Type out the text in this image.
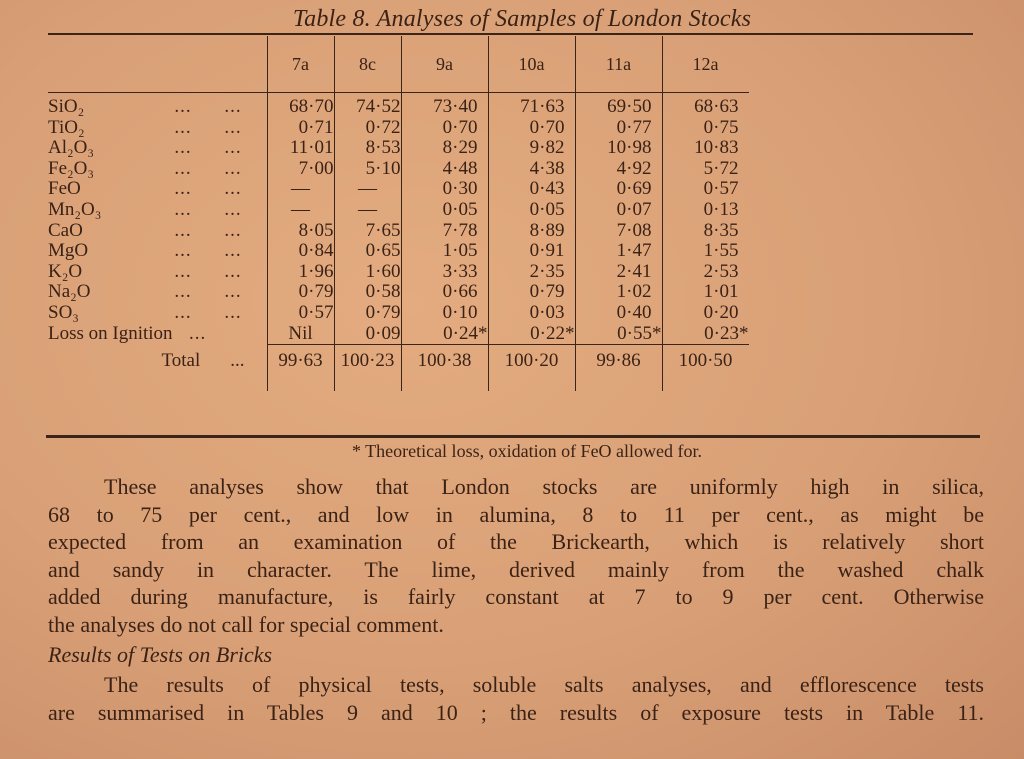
Table 8. Analyses of Samples of London Stocks
	7a	8c	9a	10a	11a	12a

SiO₂ ... ...	68·70	74·52	73·40	71·63	69·50	68·63
TiO₂ ... ...	0·71	0·72	0·70	0·70	0·77	0·75
Al₂O₃ ... ...	11·01	8·53	8·29	9·82	10·98	10·83
Fe₂O₃ ... ...	7·00	5·10	4·48	4·38	4·92	5·72
FeO ... ...	—	—	0·30	0·43	0·69	0·57
Mn₂O₃ ... ...	—	—	0·05	0·05	0·07	0·13
CaO ... ...	8·05	7·65	7·78	8·89	7·08	8·35
MgO ... ...	0·84	0·65	1·05	0·91	1·47	1·55
K₂O ... ...	1·96	1·60	3·33	2·35	2·41	2·53
Na₂O ... ...	0·79	0·58	0·66	0·79	1·02	1·01
SO₃ ... ...	0·57	0·79	0·10	0·03	0·40	0·20
Loss on Ignition ...	Nil	0·09	0·24*	0·22*	0·55*	0·23*

Total ...	99·63	100·23	100·38	100·20	99·86	100·50
* Theoretical loss, oxidation of FeO allowed for.
These analyses show that London stocks are uniformly high in silica,
68 to 75 per cent., and low in alumina, 8 to 11 per cent., as might be
expected from an examination of the Brickearth, which is relatively short
and sandy in character. The lime, derived mainly from the washed chalk
added during manufacture, is fairly constant at 7 to 9 per cent. Otherwise
the analyses do not call for special comment.
Results of Tests on Bricks
The results of physical tests, soluble salts analyses, and efflorescence tests
are summarised in Tables 9 and 10 ; the results of exposure tests in Table 11.
